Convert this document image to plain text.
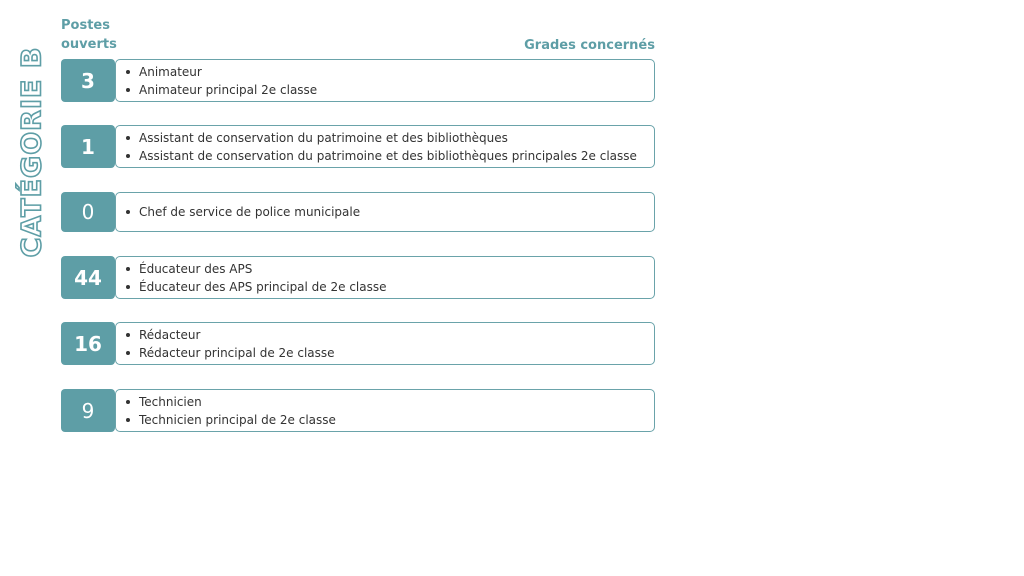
CATÉGORIE B
Postes
ouverts	Grades concernés
3	Animateur
Animateur principal 2e classe
1	Assistant de conservation du patrimoine et des bibliothèques
Assistant de conservation du patrimoine et des bibliothèques principales 2e classe
0	Chef de service de police municipale
44	Éducateur des APS
Éducateur des APS principal de 2e classe
16	Rédacteur
Rédacteur principal de 2e classe
9	Technicien
Technicien principal de 2e classe
